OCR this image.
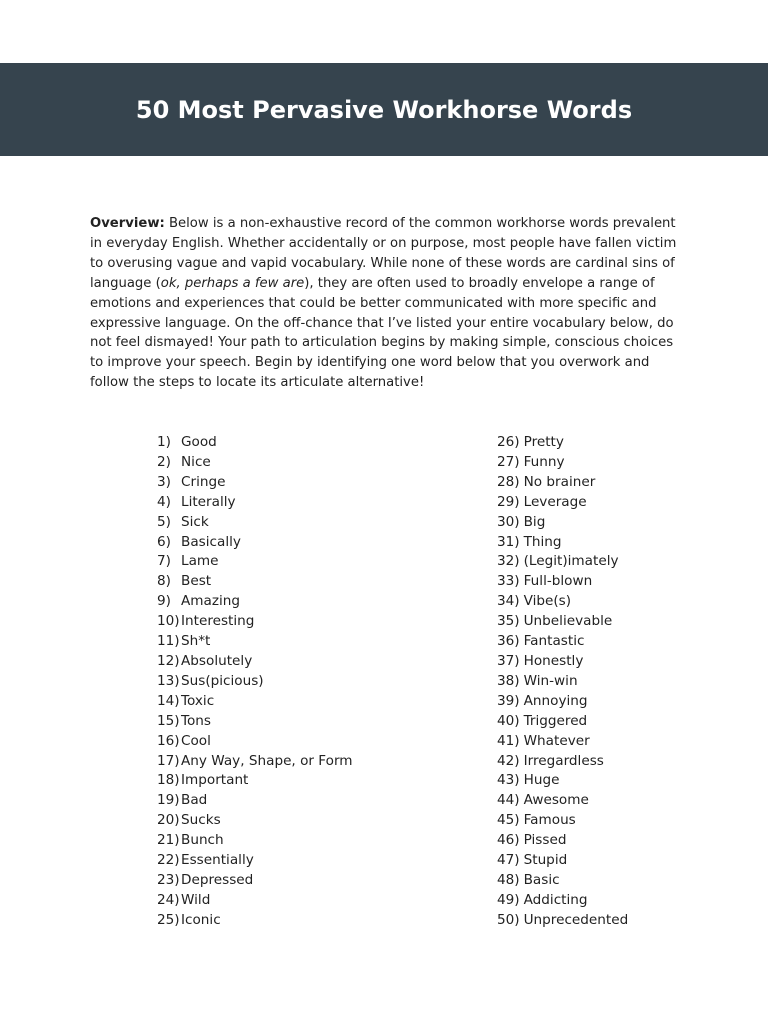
50 Most Pervasive Workhorse Words

Overview: Below is a non-exhaustive record of the common workhorse words prevalent in everyday English. Whether accidentally or on purpose, most people have fallen victim to overusing vague and vapid vocabulary. While none of these words are cardinal sins of language (ok, perhaps a few are), they are often used to broadly envelope a range of emotions and experiences that could be better communicated with more specific and expressive language. On the off-chance that I’ve listed your entire vocabulary below, do not feel dismayed! Your path to articulation begins by making simple, conscious choices to improve your speech. Begin by identifying one word below that you overwork and follow the steps to locate its articulate alternative!

1) Good
2) Nice
3) Cringe
4) Literally
5) Sick
6) Basically
7) Lame
8) Best
9) Amazing
10) Interesting
11) Sh*t
12) Absolutely
13) Sus(picious)
14) Toxic
15) Tons
16) Cool
17) Any Way, Shape, or Form
18) Important
19) Bad
20) Sucks
21) Bunch
22) Essentially
23) Depressed
24) Wild
25) Iconic
26) Pretty
27) Funny
28) No brainer
29) Leverage
30) Big
31) Thing
32) (Legit)imately
33) Full-blown
34) Vibe(s)
35) Unbelievable
36) Fantastic
37) Honestly
38) Win-win
39) Annoying
40) Triggered
41) Whatever
42) Irregardless
43) Huge
44) Awesome
45) Famous
46) Pissed
47) Stupid
48) Basic
49) Addicting
50) Unprecedented
